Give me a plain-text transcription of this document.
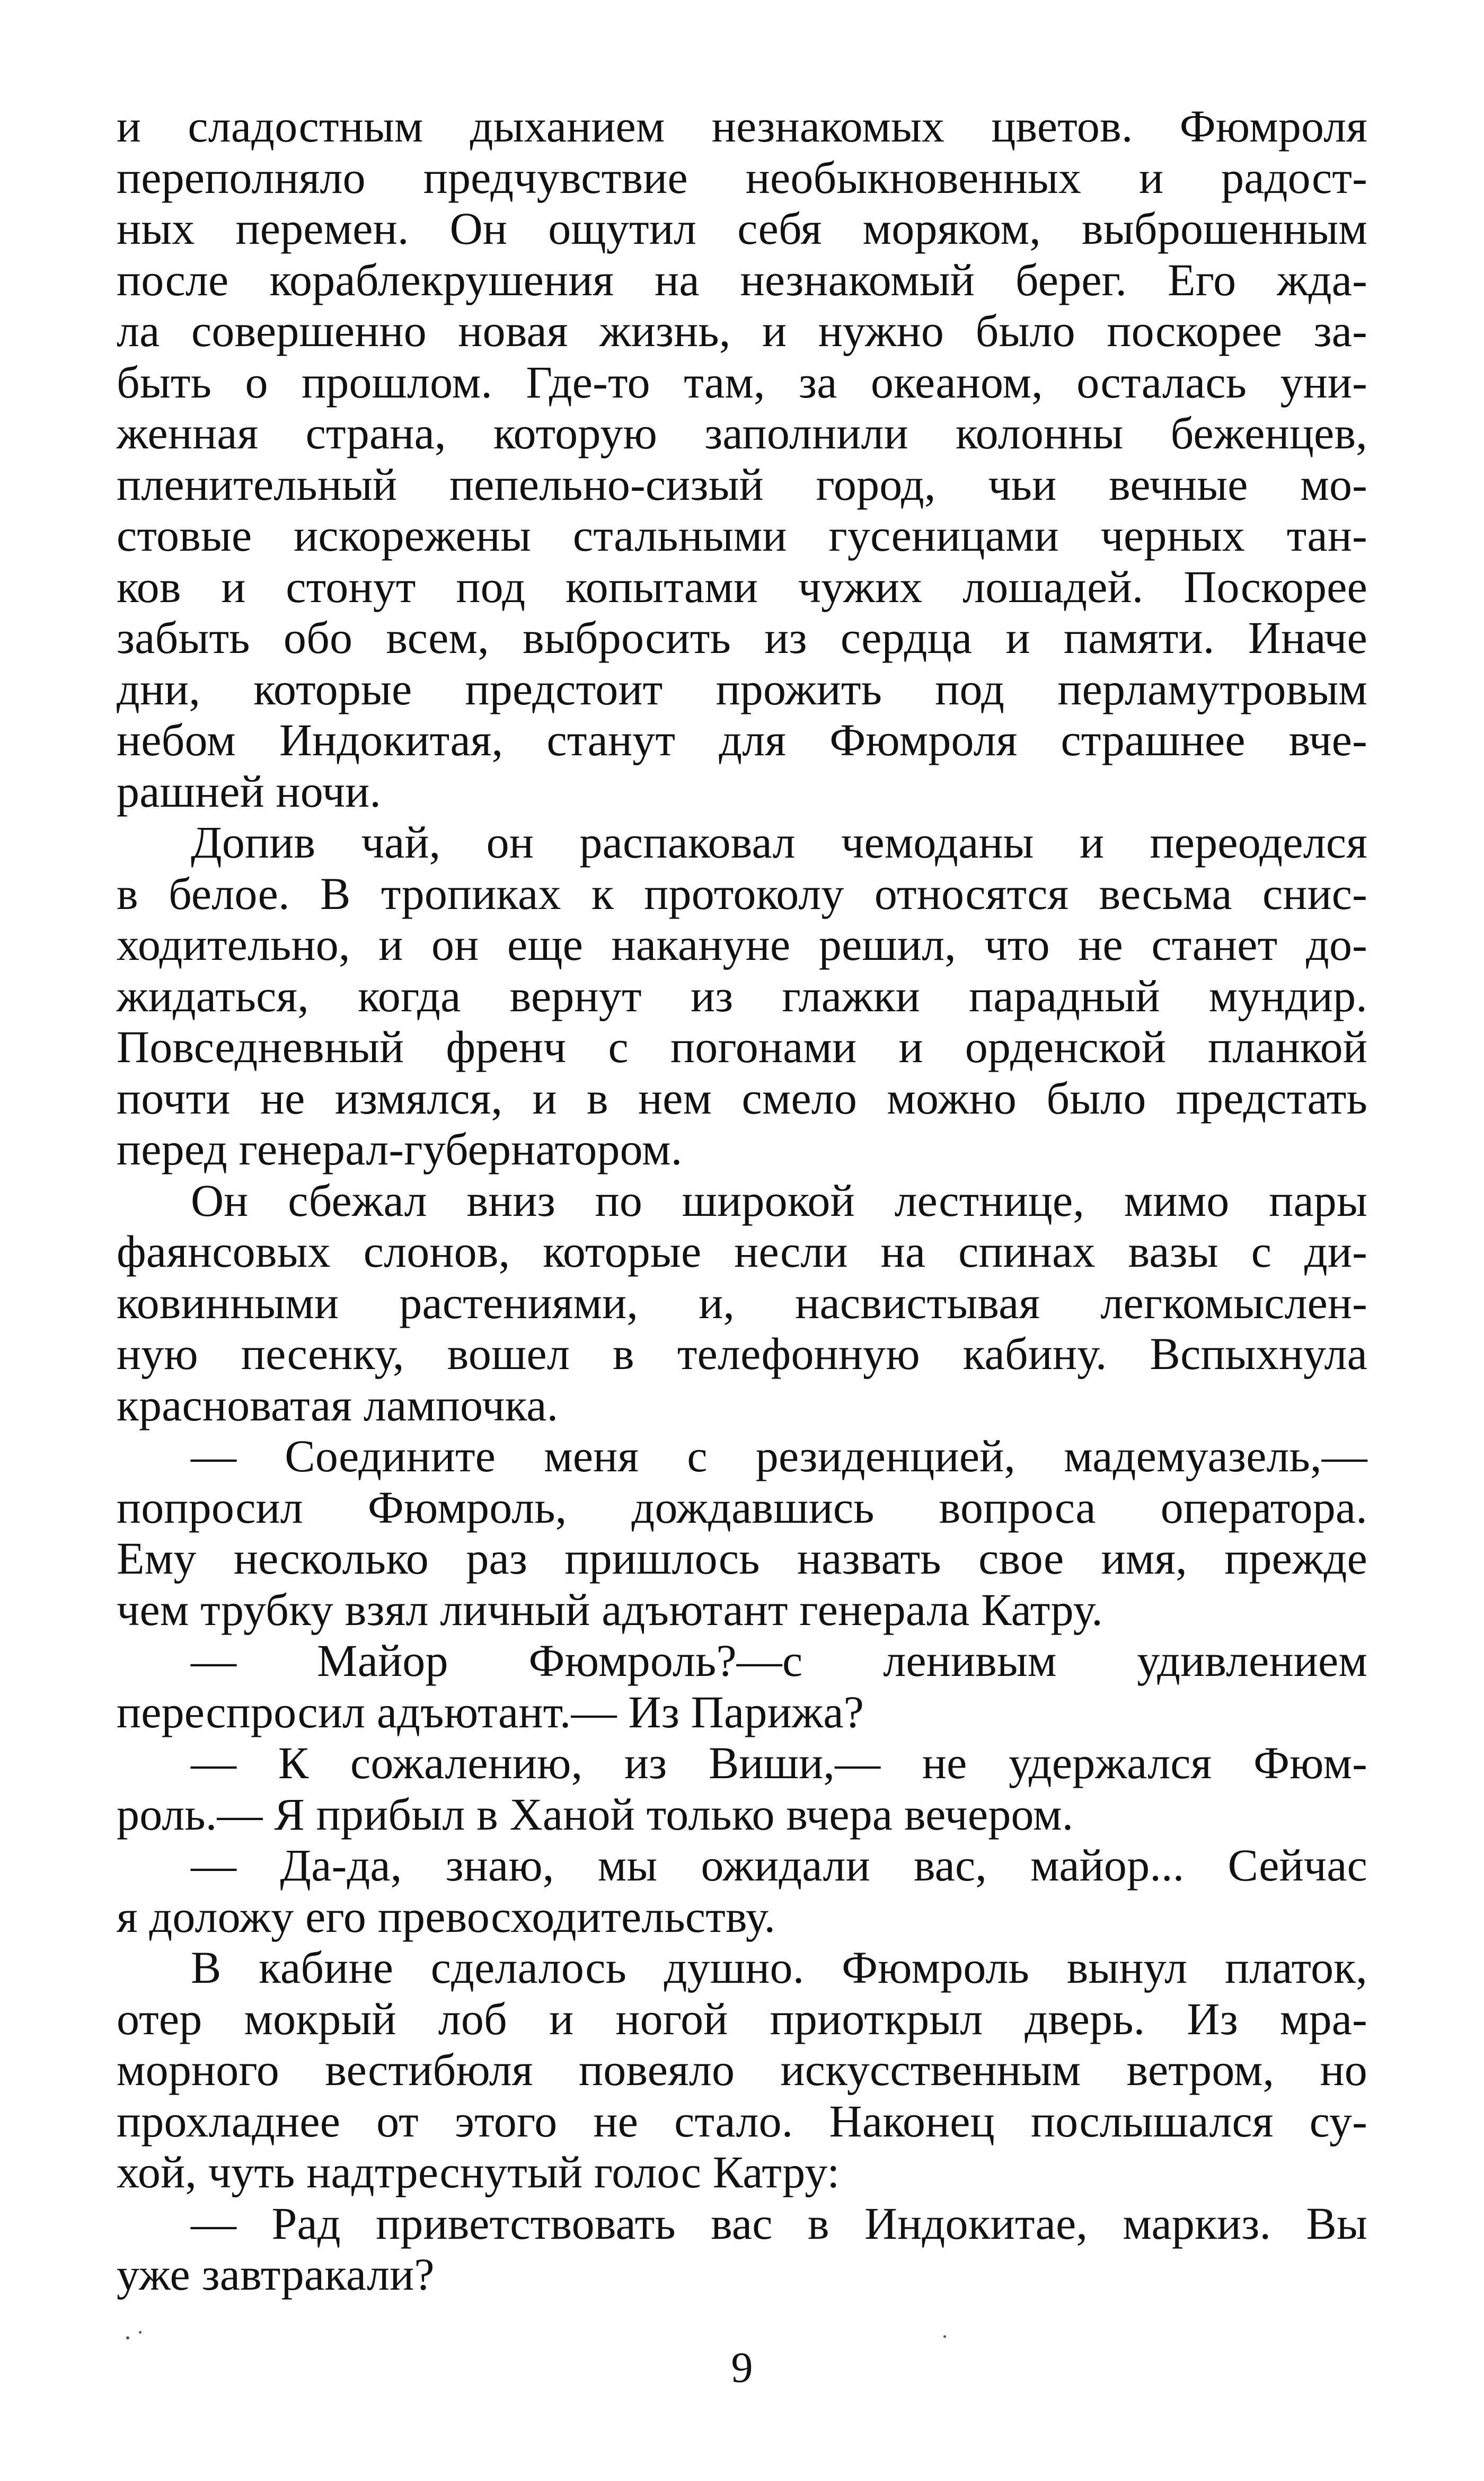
и сладостным дыханием незнакомых цветов. Фюмроля
переполняло предчувствие необыкновенных и радост-
ных перемен. Он ощутил себя моряком, выброшенным
после кораблекрушения на незнакомый берег. Его жда-
ла совершенно новая жизнь, и нужно было поскорее за-
быть о прошлом. Где-то там, за океаном, осталась уни-
женная страна, которую заполнили колонны беженцев,
пленительный пепельно-сизый город, чьи вечные мо-
стовые искорежены стальными гусеницами черных тан-
ков и стонут под копытами чужих лошадей. Поскорее
забыть обо всем, выбросить из сердца и памяти. Иначе
дни, которые предстоит прожить под перламутровым
небом Индокитая, станут для Фюмроля страшнее вче-
рашней ночи.
Допив чай, он распаковал чемоданы и переоделся
в белое. В тропиках к протоколу относятся весьма снис-
ходительно, и он еще накануне решил, что не станет до-
жидаться, когда вернут из глажки парадный мундир.
Повседневный френч с погонами и орденской планкой
почти не измялся, и в нем смело можно было предстать
перед генерал-губернатором.
Он сбежал вниз по широкой лестнице, мимо пары
фаянсовых слонов, которые несли на спинах вазы с ди-
ковинными растениями, и, насвистывая легкомыслен-
ную песенку, вошел в телефонную кабину. Вспыхнула
красноватая лампочка.
— Соедините меня с резиденцией, мадемуазель,—
попросил Фюмроль, дождавшись вопроса оператора.
Ему несколько раз пришлось назвать свое имя, прежде
чем трубку взял личный адъютант генерала Катру.
— Майор Фюмроль?—с ленивым удивлением
переспросил адъютант.— Из Парижа?
— К сожалению, из Виши,— не удержался Фюм-
роль.— Я прибыл в Ханой только вчера вечером.
— Да-да, знаю, мы ожидали вас, майор... Сейчас
я доложу его превосходительству.
В кабине сделалось душно. Фюмроль вынул платок,
отер мокрый лоб и ногой приоткрыл дверь. Из мра-
морного вестибюля повеяло искусственным ветром, но
прохладнее от этого не стало. Наконец послышался су-
хой, чуть надтреснутый голос Катру:
— Рад приветствовать вас в Индокитае, маркиз. Вы
уже завтракали?
9
